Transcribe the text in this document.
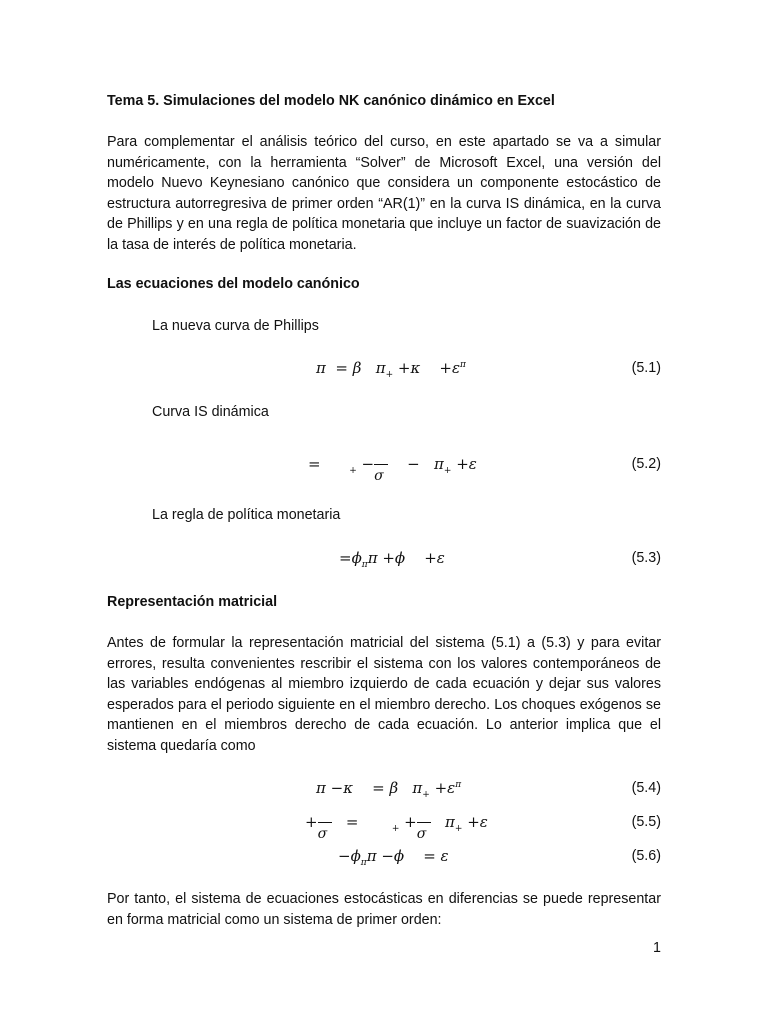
Tema 5. Simulaciones del modelo NK canónico dinámico en Excel
Para complementar el análisis teórico del curso, en este apartado se va a simular numéricamente, con la herramienta “Solver” de Microsoft Excel, una versión del modelo Nuevo Keynesiano canónico que considera un componente estocástico de estructura autorregresiva de primer orden “AR(1)” en la curva IS dinámica, en la curva de Phillips y en una regla de política monetaria que incluye un factor de suavización de la tasa de interés de política monetaria.
Las ecuaciones del modelo canónico
La nueva curva de Phillips
π  = β   $\pi_+ +\kappa$    $+\varepsilon^\pi$	(5.1)
Curva IS dinámica
=      $_+$ −
σ
−   $\pi_+ +\varepsilon$	(5.2)
La regla de política monetaria
$=\phi_\pi\pi +\phi$    +ε	(5.3)
Representación matricial
Antes de formular la representación matricial del sistema (5.1) a (5.3) y para evitar errores, resulta convenientes rescribir el sistema con los valores contemporáneos de las variables endógenas al miembro izquierdo de cada ecuación y dejar sus valores esperados para el periodo siguiente en el miembro derecho. Los choques exógenos se mantienen en el miembros derecho de cada ecuación. Lo anterior implica que el sistema quedaría como
π −κ    = β   $\pi_+ +\varepsilon^\pi$	(5.4)
+
σ
=       $_+$ +
σ
$\pi_+ +\varepsilon$	(5.5)
$-\phi_\pi\pi -\phi$    = ε	(5.6)
Por tanto, el sistema de ecuaciones estocásticas en diferencias se puede representar en forma matricial como un sistema de primer orden:
1
